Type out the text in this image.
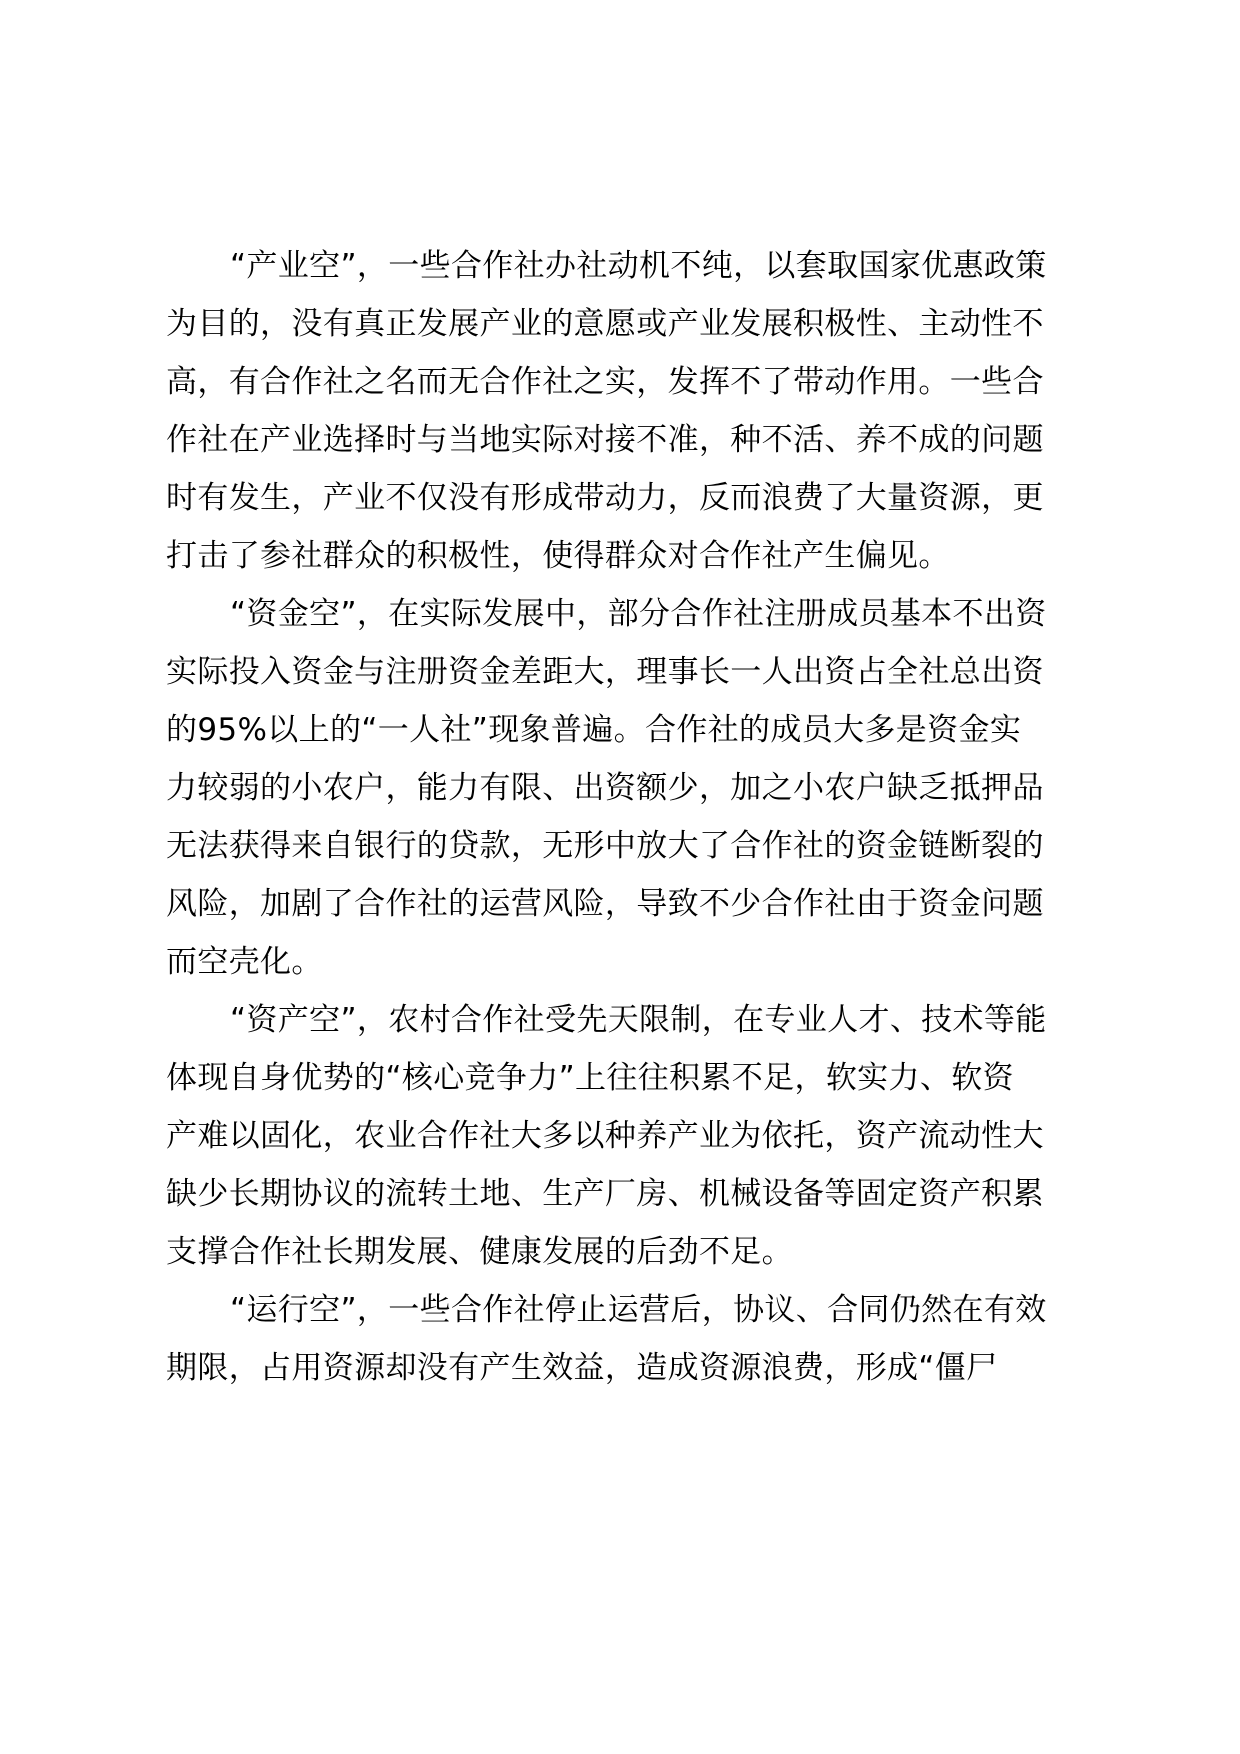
“产业空”，一些合作社办社动机不纯，以套取国家优惠政策
为目的，没有真正发展产业的意愿或产业发展积极性、主动性不
高，有合作社之名而无合作社之实，发挥不了带动作用。一些合
作社在产业选择时与当地实际对接不准，种不活、养不成的问题
时有发生，产业不仅没有形成带动力，反而浪费了大量资源，更
打击了参社群众的积极性，使得群众对合作社产生偏见。
“资金空”，在实际发展中，部分合作社注册成员基本不出资
实际投入资金与注册资金差距大，理事长一人出资占全社总出资
的95%以上的“一人社”现象普遍。合作社的成员大多是资金实
力较弱的小农户，能力有限、出资额少，加之小农户缺乏抵押品
无法获得来自银行的贷款，无形中放大了合作社的资金链断裂的
风险，加剧了合作社的运营风险，导致不少合作社由于资金问题
而空壳化。
“资产空”，农村合作社受先天限制，在专业人才、技术等能
体现自身优势的“核心竞争力”上往往积累不足，软实力、软资
产难以固化，农业合作社大多以种养产业为依托，资产流动性大
缺少长期协议的流转土地、生产厂房、机械设备等固定资产积累
支撑合作社长期发展、健康发展的后劲不足。
“运行空”，一些合作社停止运营后，协议、合同仍然在有效
期限，占用资源却没有产生效益，造成资源浪费，形成“僵尸
